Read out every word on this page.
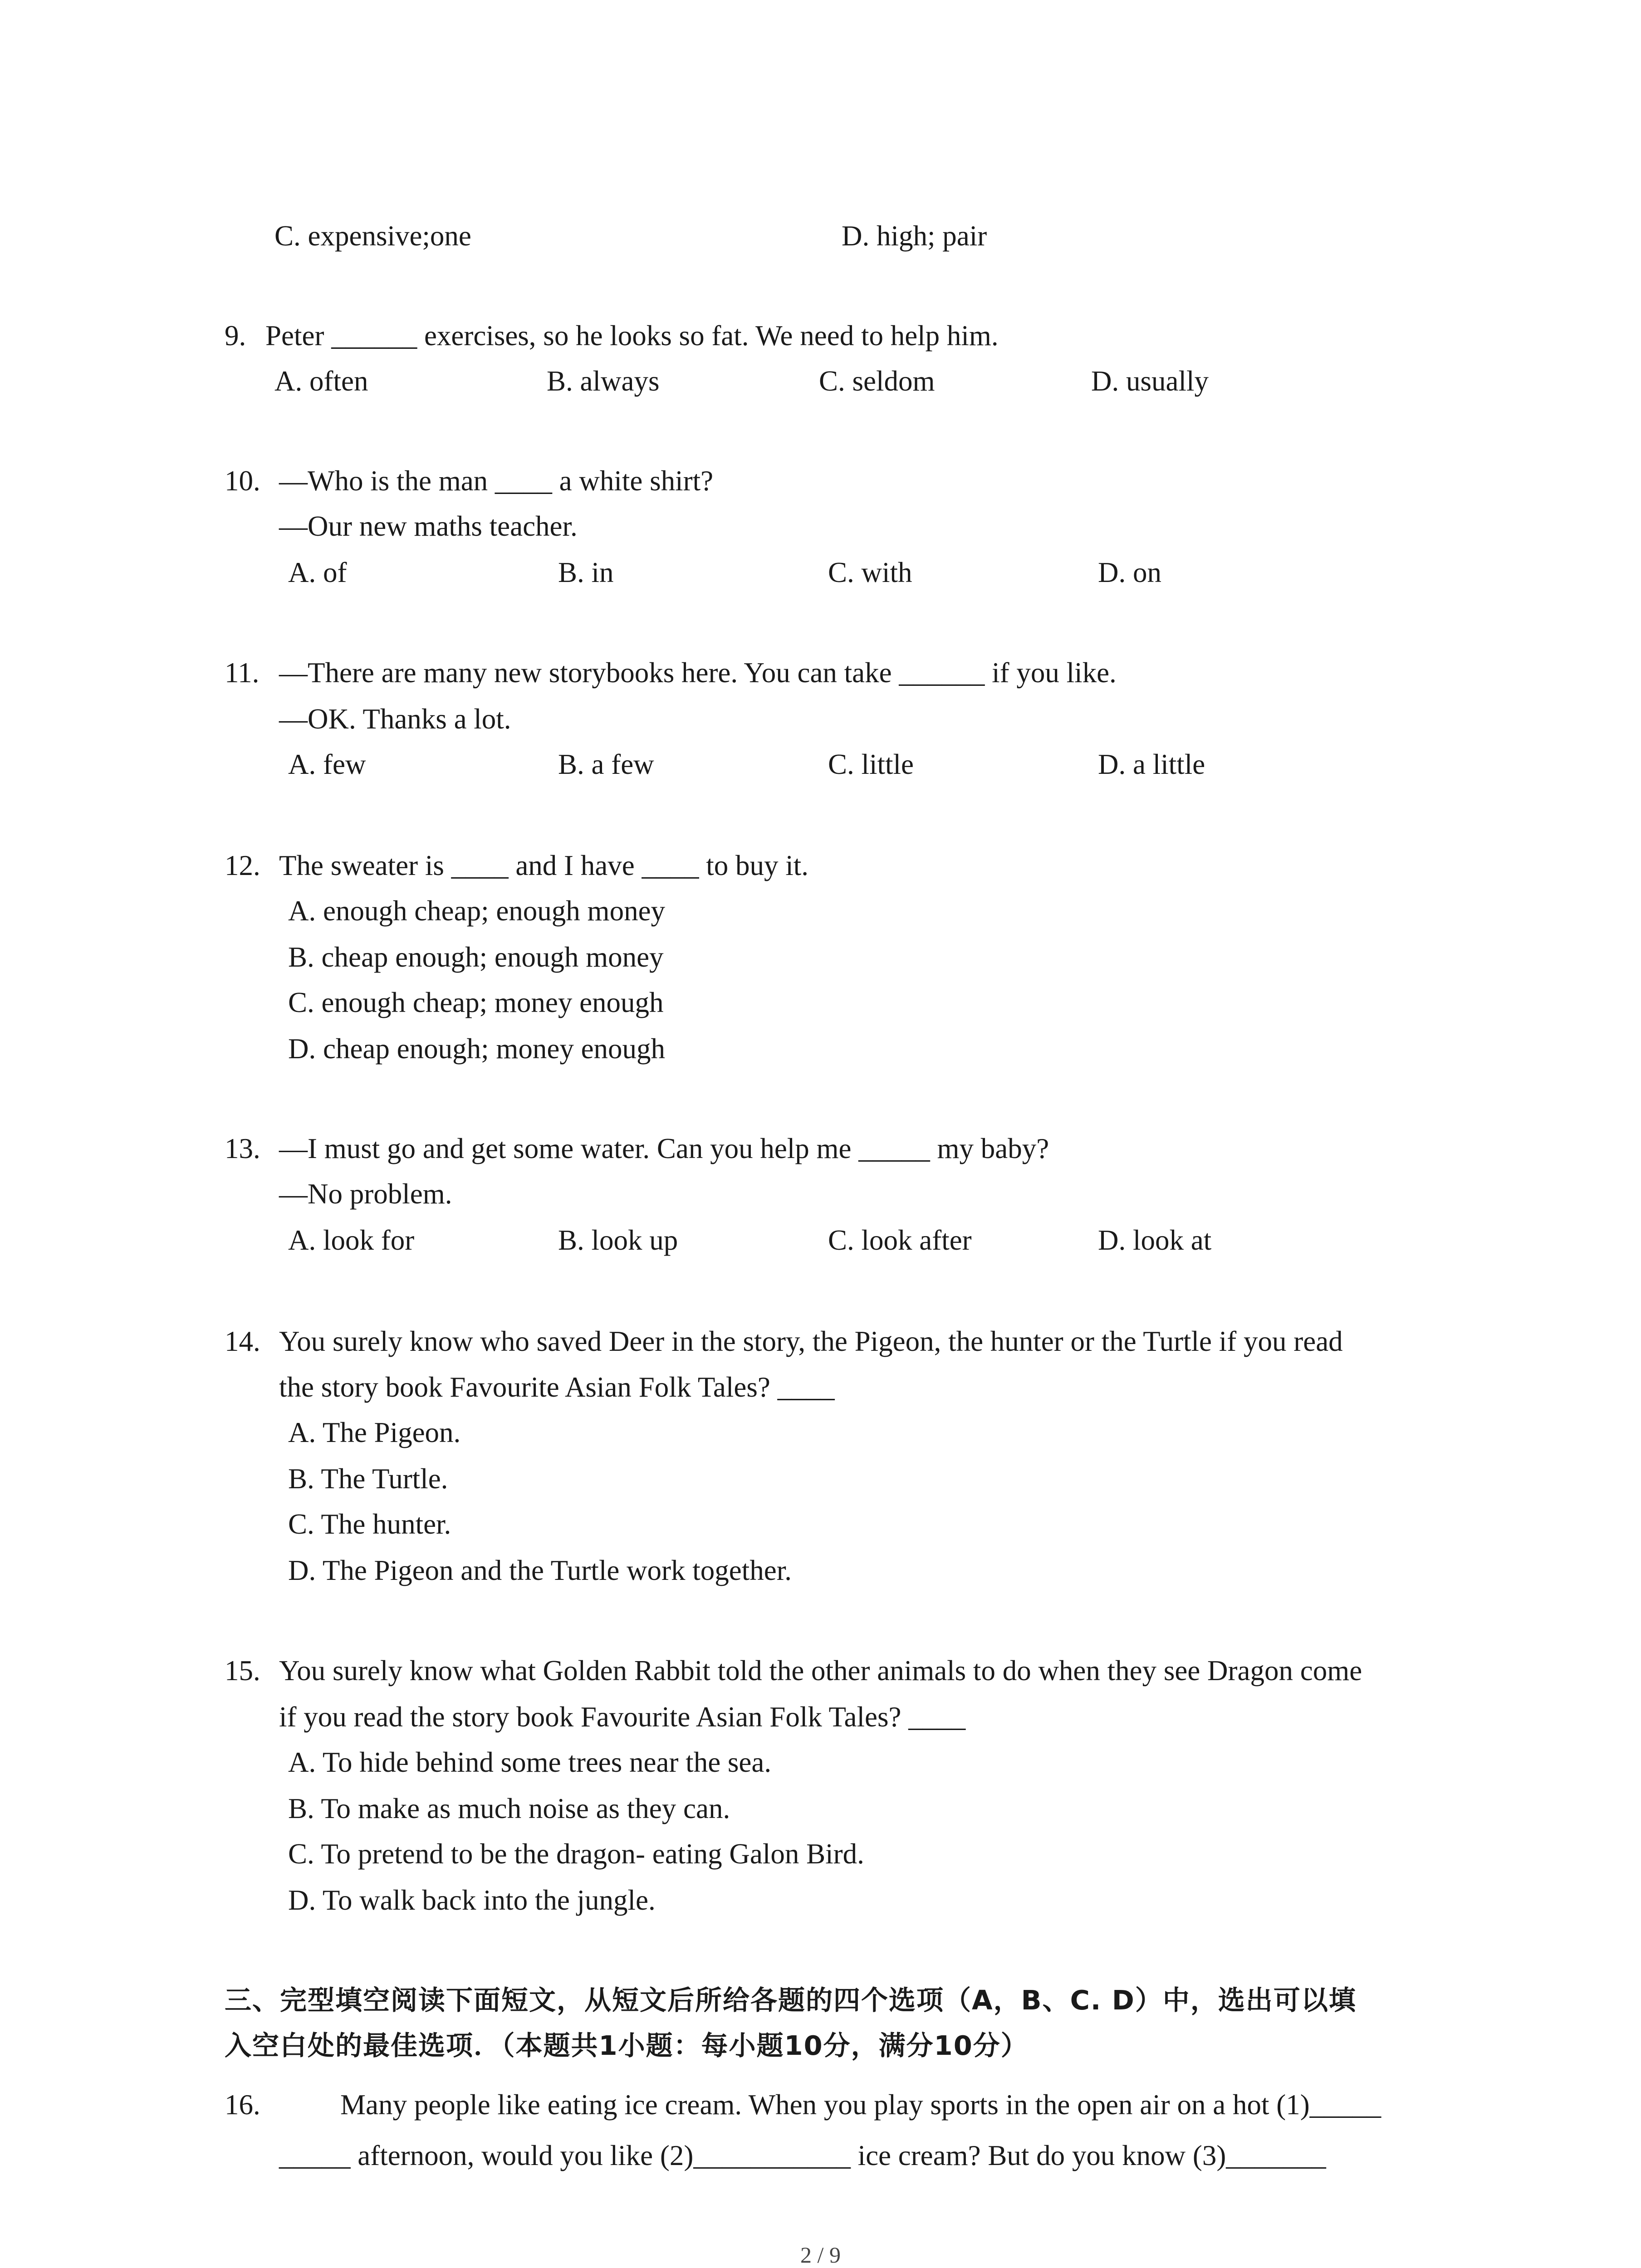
C. expensive;one	D. high; pair
9. Peter ______ exercises, so he looks so fat. We need to help him.
A. often	B. always	C. seldom	D. usually
10. —Who is the man ____ a white shirt?
—Our new maths teacher.
A. of	B. in	C. with	D. on
11. —There are many new storybooks here. You can take ______ if you like.
—OK. Thanks a lot.
A. few	B. a few	C. little	D. a little
12. The sweater is ____ and I have ____ to buy it.
A. enough cheap; enough money
B. cheap enough; enough money
C. enough cheap; money enough
D. cheap enough; money enough
13. —I must go and get some water. Can you help me _____ my baby?
—No problem.
A. look for	B. look up	C. look after	D. look at
14. You surely know who saved Deer in the story, the Pigeon, the hunter or the Turtle if you read
the story book Favourite Asian Folk Tales? ____
A. The Pigeon.
B. The Turtle.
C. The hunter.
D. The Pigeon and the Turtle work together.
15. You surely know what Golden Rabbit told the other animals to do when they see Dragon come
if you read the story book Favourite Asian Folk Tales? ____
A. To hide behind some trees near the sea.
B. To make as much noise as they can.
C. To pretend to be the dragon- eating Galon Bird.
D. To walk back into the jungle.
三、完型填空阅读下面短文，从短文后所给各题的四个选项（A，B、C. D）中，选出可以填
入空白处的最佳选项．（本题共1小题：每小题10分，满分10分）
16.	Many people like eating ice cream. When you play sports in the open air on a hot (1)_____
_____ afternoon, would you like (2)___________ ice cream? But do you know (3)_______
2 / 9
